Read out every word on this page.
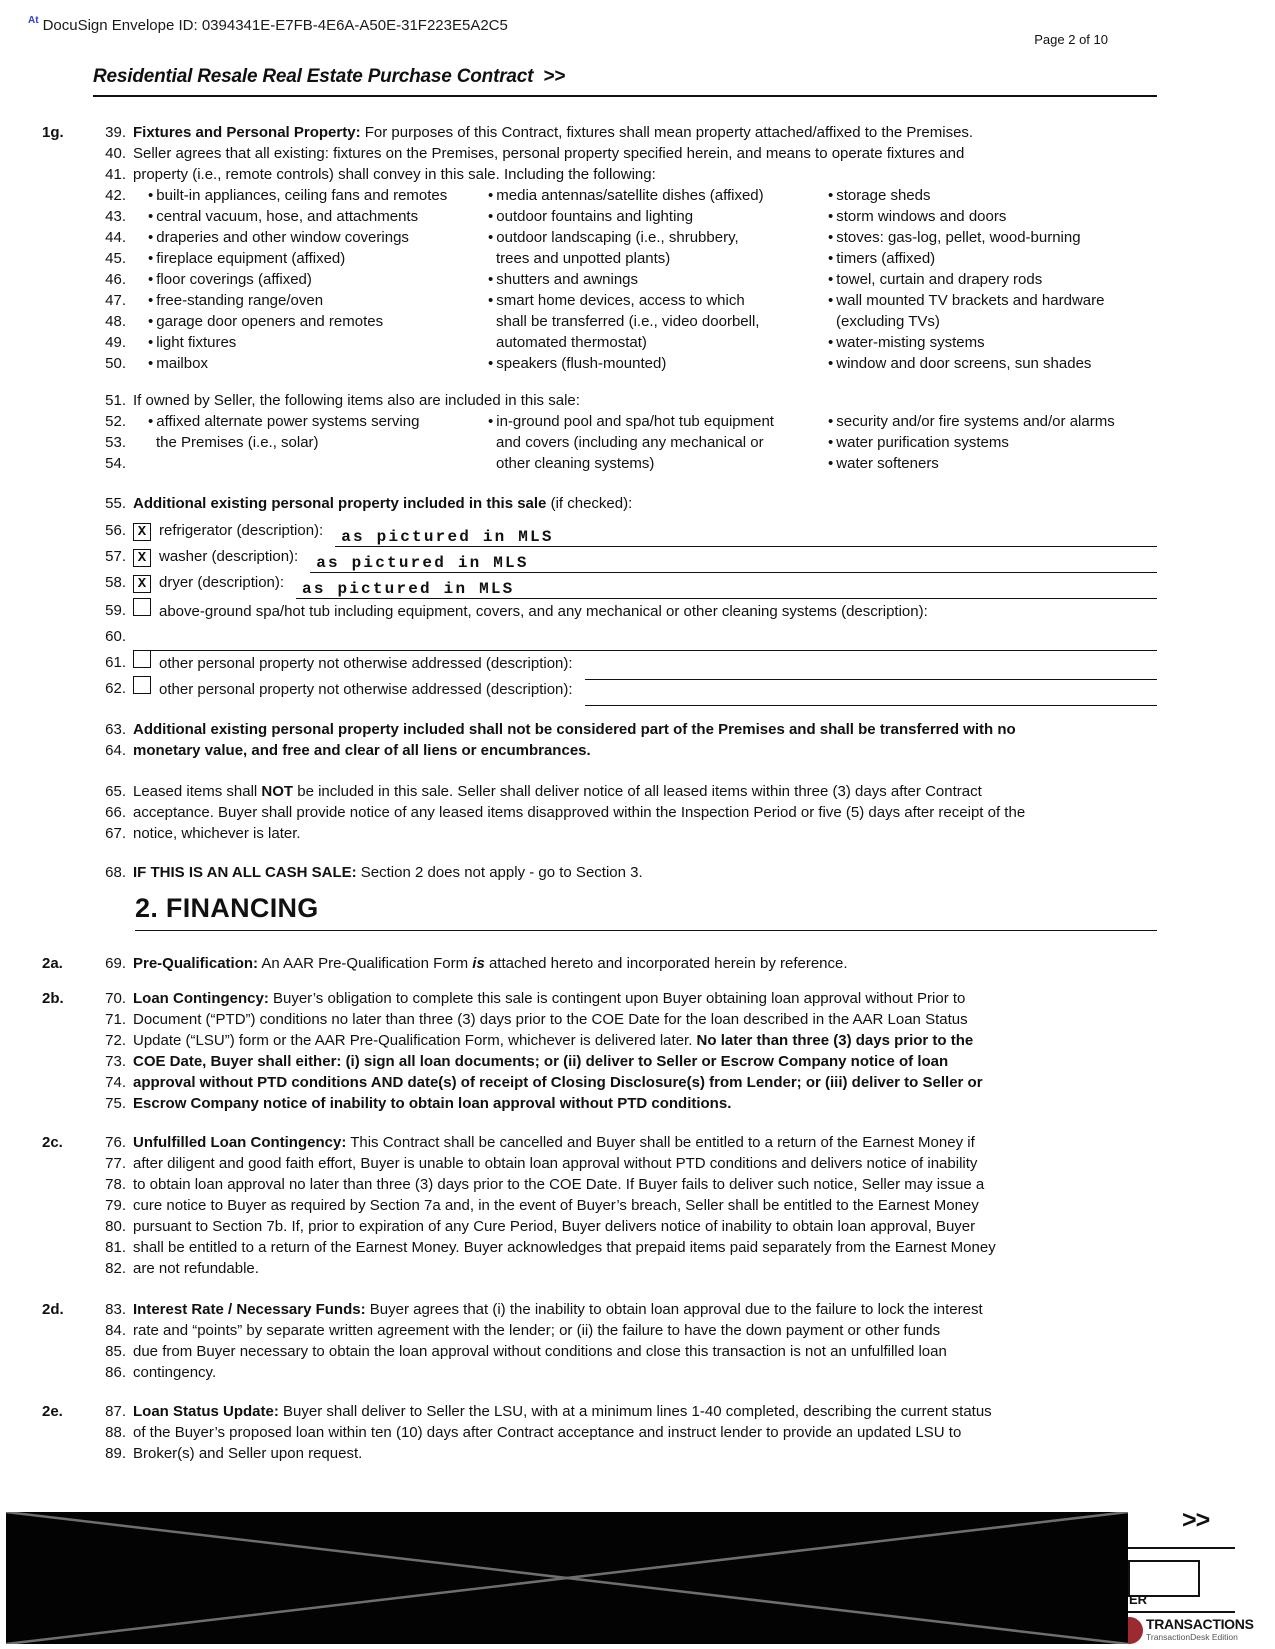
$^{At}$ DocuSign Envelope ID: 0394341E-E7FB-4E6A-A50E-31F223E5A2C5
Page 2 of 10
Residential Resale Real Estate Purchase Contract >>
1g.	39. Fixtures and Personal Property: For purposes of this Contract, fixtures shall mean property attached/affixed to the Premises.
40. Seller agrees that all existing: fixtures on the Premises, personal property specified herein, and means to operate fixtures and
41. property (i.e., remote controls) shall convey in this sale. Including the following:
42. • built-in appliances, ceiling fans and remotes	• media antennas/satellite dishes (affixed)	• storage sheds
43. • central vacuum, hose, and attachments	• outdoor fountains and lighting	• storm windows and doors
44. • draperies and other window coverings	• outdoor landscaping (i.e., shrubbery,	• stoves: gas-log, pellet, wood-burning
45. • fireplace equipment (affixed)	trees and unpotted plants)	• timers (affixed)
46. • floor coverings (affixed)	• shutters and awnings	• towel, curtain and drapery rods
47. • free-standing range/oven	• smart home devices, access to which	• wall mounted TV brackets and hardware
48. • garage door openers and remotes	shall be transferred (i.e., video doorbell,	(excluding TVs)
49. • light fixtures	automated thermostat)	• water-misting systems
50. • mailbox	• speakers (flush-mounted)	• window and door screens, sun shades
51. If owned by Seller, the following items also are included in this sale:
52. • affixed alternate power systems serving	• in-ground pool and spa/hot tub equipment	• security and/or fire systems and/or alarms
53.	the Premises (i.e., solar)	and covers (including any mechanical or	• water purification systems
54.	other cleaning systems)	• water softeners
55. Additional existing personal property included in this sale (if checked):
56. X refrigerator (description):	as pictured in MLS
57. X washer (description):	as pictured in MLS
58. X dryer (description):	as pictured in MLS
59. above-ground spa/hot tub including equipment, covers, and any mechanical or other cleaning systems (description):
60.
61. other personal property not otherwise addressed (description):
62. other personal property not otherwise addressed (description):
63. Additional existing personal property included shall not be considered part of the Premises and shall be transferred with no
64. monetary value, and free and clear of all liens or encumbrances.
65. Leased items shall NOT be included in this sale. Seller shall deliver notice of all leased items within three (3) days after Contract
66. acceptance. Buyer shall provide notice of any leased items disapproved within the Inspection Period or five (5) days after receipt of the
67. notice, whichever is later.
68. IF THIS IS AN ALL CASH SALE: Section 2 does not apply - go to Section 3.
2. FINANCING
2a.	69. Pre-Qualification: An AAR Pre-Qualification Form is attached hereto and incorporated herein by reference.
2b.	70. Loan Contingency: Buyer’s obligation to complete this sale is contingent upon Buyer obtaining loan approval without Prior to
71. Document (“PTD”) conditions no later than three (3) days prior to the COE Date for the loan described in the AAR Loan Status
72. Update (“LSU”) form or the AAR Pre-Qualification Form, whichever is delivered later. No later than three (3) days prior to the
73. COE Date, Buyer shall either: (i) sign all loan documents; or (ii) deliver to Seller or Escrow Company notice of loan
74. approval without PTD conditions AND date(s) of receipt of Closing Disclosure(s) from Lender; or (iii) deliver to Seller or
75. Escrow Company notice of inability to obtain loan approval without PTD conditions.
2c.	76. Unfulfilled Loan Contingency: This Contract shall be cancelled and Buyer shall be entitled to a return of the Earnest Money if
77. after diligent and good faith effort, Buyer is unable to obtain loan approval without PTD conditions and delivers notice of inability
78. to obtain loan approval no later than three (3) days prior to the COE Date. If Buyer fails to deliver such notice, Seller may issue a
79. cure notice to Buyer as required by Section 7a and, in the event of Buyer’s breach, Seller shall be entitled to the Earnest Money
80. pursuant to Section 7b. If, prior to expiration of any Cure Period, Buyer delivers notice of inability to obtain loan approval, Buyer
81. shall be entitled to a return of the Earnest Money. Buyer acknowledges that prepaid items paid separately from the Earnest Money
82. are not refundable.
2d.	83. Interest Rate / Necessary Funds: Buyer agrees that (i) the inability to obtain loan approval due to the failure to lock the interest
84. rate and “points” by separate written agreement with the lender; or (ii) the failure to have the down payment or other funds
85. due from Buyer necessary to obtain the loan approval without conditions and close this transaction is not an unfulfilled loan
86. contingency.
2e.	87. Loan Status Update: Buyer shall deliver to Seller the LSU, with at a minimum lines 1-40 completed, describing the current status
88. of the Buyer’s proposed loan within ten (10) days after Contract acceptance and instruct lender to provide an updated LSU to
89. Broker(s) and Seller upon request.
>>
ER
TRANSACTIONS
TransactionDesk Edition
